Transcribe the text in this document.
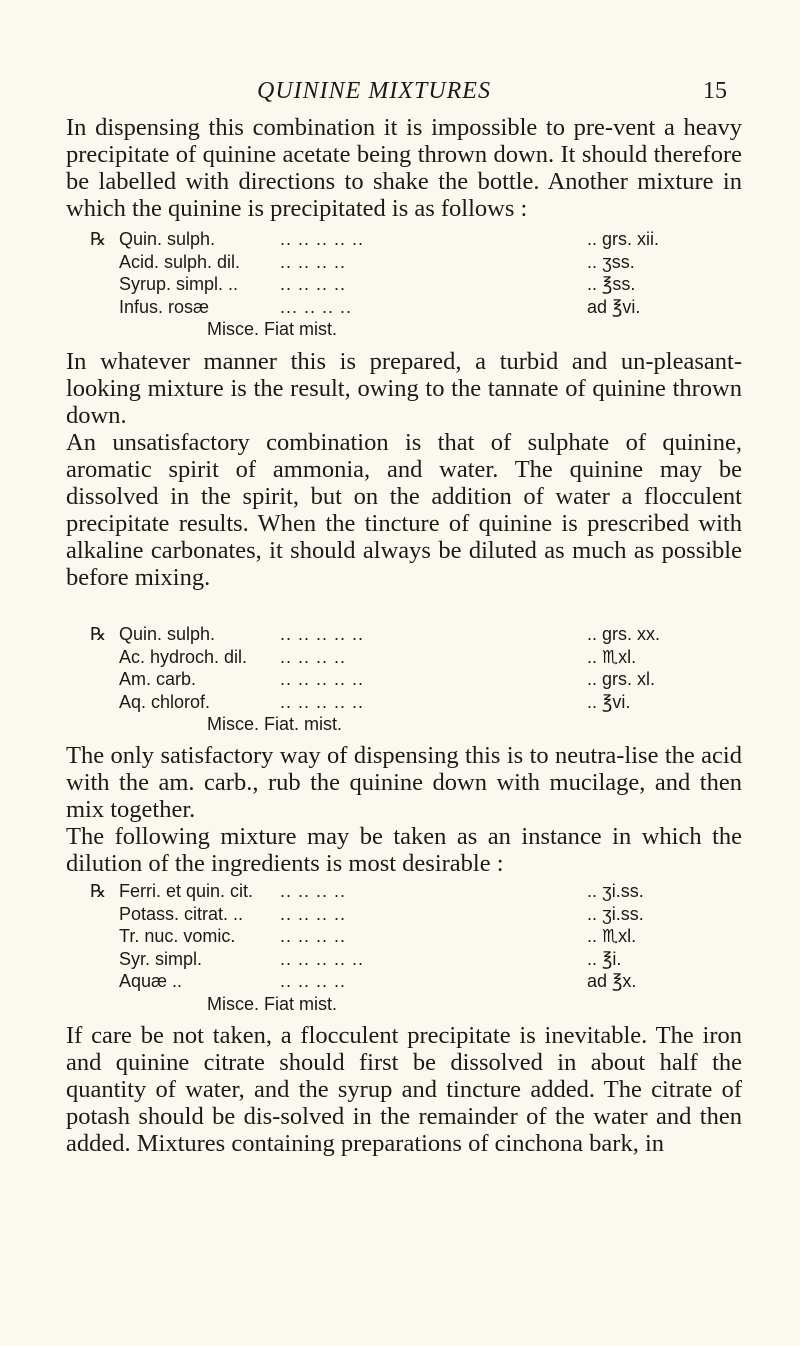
QUININE MIXTURES	15

In dispensing this combination it is impossible to pre-vent a heavy precipitate of quinine acetate being thrown down. It should therefore be labelled with directions to shake the bottle. Another mixture in which the quinine is precipitated is as follows :

℞ Quin. sulph.	.. .. .. .. ..	.. grs. xii.
Acid. sulph. dil. .. .. .. ..	.. ʒss.
Syrup. simpl. .. .. .. .. ..	.. ℥ss.
Infus. rosæ	... .. .. ..	ad ℥vi.
Misce. Fiat mist.

In whatever manner this is prepared, a turbid and un-pleasant-looking mixture is the result, owing to the tannate of quinine thrown down.

An unsatisfactory combination is that of sulphate of quinine, aromatic spirit of ammonia, and water. The quinine may be dissolved in the spirit, but on the addition of water a flocculent precipitate results. When the tincture of quinine is prescribed with alkaline carbonates, it should always be diluted as much as possible before mixing.

℞ Quin. sulph.	.. .. .. .. ..	.. grs. xx.
Ac. hydroch. dil. .. .. .. ..	.. ♏xl.
Am. carb.	.. .. .. .. ..	.. grs. xl.
Aq. chlorof.	.. .. .. .. ..	.. ℥vi.
Misce. Fiat. mist.

The only satisfactory way of dispensing this is to neutra-lise the acid with the am. carb., rub the quinine down with mucilage, and then mix together.

The following mixture may be taken as an instance in which the dilution of the ingredients is most desirable :

℞ Ferri. et quin. cit. .. .. .. ..	.. ʒi.ss.
Potass. citrat. .. .. .. .. ..	.. ʒi.ss.
Tr. nuc. vomic. .. .. .. ..	.. ♏xl.
Syr. simpl.	.. .. .. .. ..	.. ℥i.
Aquæ ..	.. .. .. ..	ad ℥x.
Misce. Fiat mist.

If care be not taken, a flocculent precipitate is inevitable. The iron and quinine citrate should first be dissolved in about half the quantity of water, and the syrup and tincture added. The citrate of potash should be dis-solved in the remainder of the water and then added. Mixtures containing preparations of cinchona bark, in
